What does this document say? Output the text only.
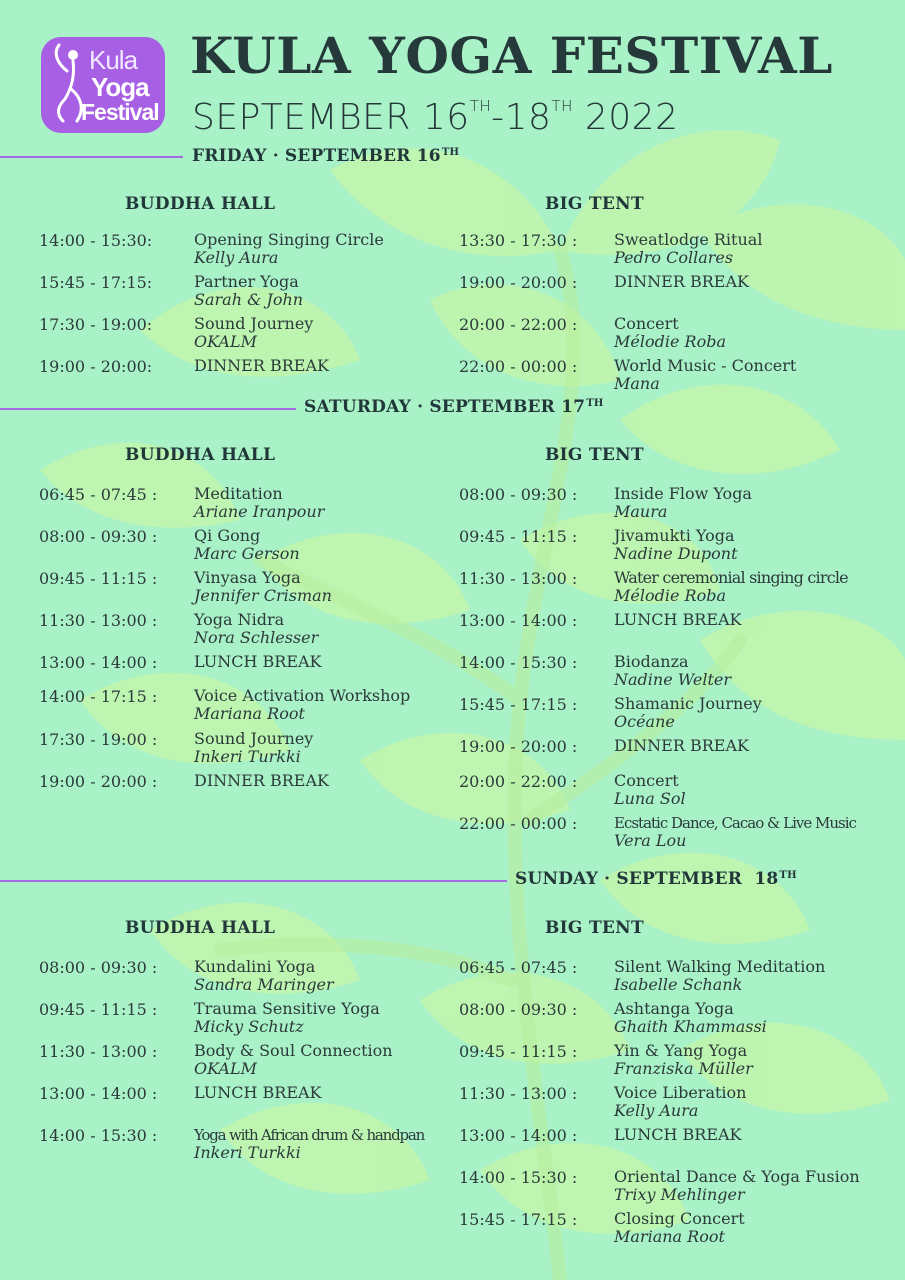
Kula
Yoga
Festival
KULA YOGA FESTIVAL
SEPTEMBER 16TH-18TH 2022
FRIDAY · SEPTEMBER 16TH
BUDDHA HALL	BIG TENT
14:00 - 15:30:	Opening Singing Circle
Kelly Aura
15:45 - 17:15:	Partner Yoga
Sarah & John
17:30 - 19:00:	Sound Journey
OKALM
19:00 - 20:00:	DINNER BREAK
13:30 - 17:30 : Sweatlodge Ritual
Pedro Collares
19:00 - 20:00 : DINNER BREAK
20:00 - 22:00 : Concert
Mélodie Roba
22:00 - 00:00 : World Music - Concert
Mana
SATURDAY · SEPTEMBER 17TH
BUDDHA HALL	BIG TENT
06:45 - 07:45 : Meditation
Ariane Iranpour
08:00 - 09:30 : Qi Gong
Marc Gerson
09:45 - 11:15 : Vinyasa Yoga
Jennifer Crisman
11:30 - 13:00 : Yoga Nidra
Nora Schlesser
13:00 - 14:00 : LUNCH BREAK
14:00 - 17:15 : Voice Activation Workshop
Mariana Root
17:30 - 19:00 : Sound Journey
Inkeri Turkki
19:00 - 20:00 : DINNER BREAK
08:00 - 09:30 : Inside Flow Yoga
Maura
09:45 - 11:15 : Jivamukti Yoga
Nadine Dupont
11:30 - 13:00 : Water ceremonial singing circle
Mélodie Roba
13:00 - 14:00 : LUNCH BREAK
14:00 - 15:30 : Biodanza
Nadine Welter
15:45 - 17:15 : Shamanic Journey
Océane
19:00 - 20:00 : DINNER BREAK
20:00 - 22:00 : Concert
Luna Sol
22:00 - 00:00 : Ecstatic Dance, Cacao & Live Music
Vera Lou
SUNDAY · SEPTEMBER  18TH
BUDDHA HALL	BIG TENT
08:00 - 09:30 : Kundalini Yoga
Sandra Maringer
09:45 - 11:15 : Trauma Sensitive Yoga
Micky Schutz
11:30 - 13:00 : Body & Soul Connection
OKALM
13:00 - 14:00 : LUNCH BREAK
14:00 - 15:30 : Yoga with African drum & handpan
Inkeri Turkki
06:45 - 07:45 : Silent Walking Meditation
Isabelle Schank
08:00 - 09:30 : Ashtanga Yoga
Ghaith Khammassi
09:45 - 11:15 : Yin & Yang Yoga
Franziska Müller
11:30 - 13:00 : Voice Liberation
Kelly Aura
13:00 - 14:00 : LUNCH BREAK
14:00 - 15:30 : Oriental Dance & Yoga Fusion
Trixy Mehlinger
15:45 - 17:15 : Closing Concert
Mariana Root
